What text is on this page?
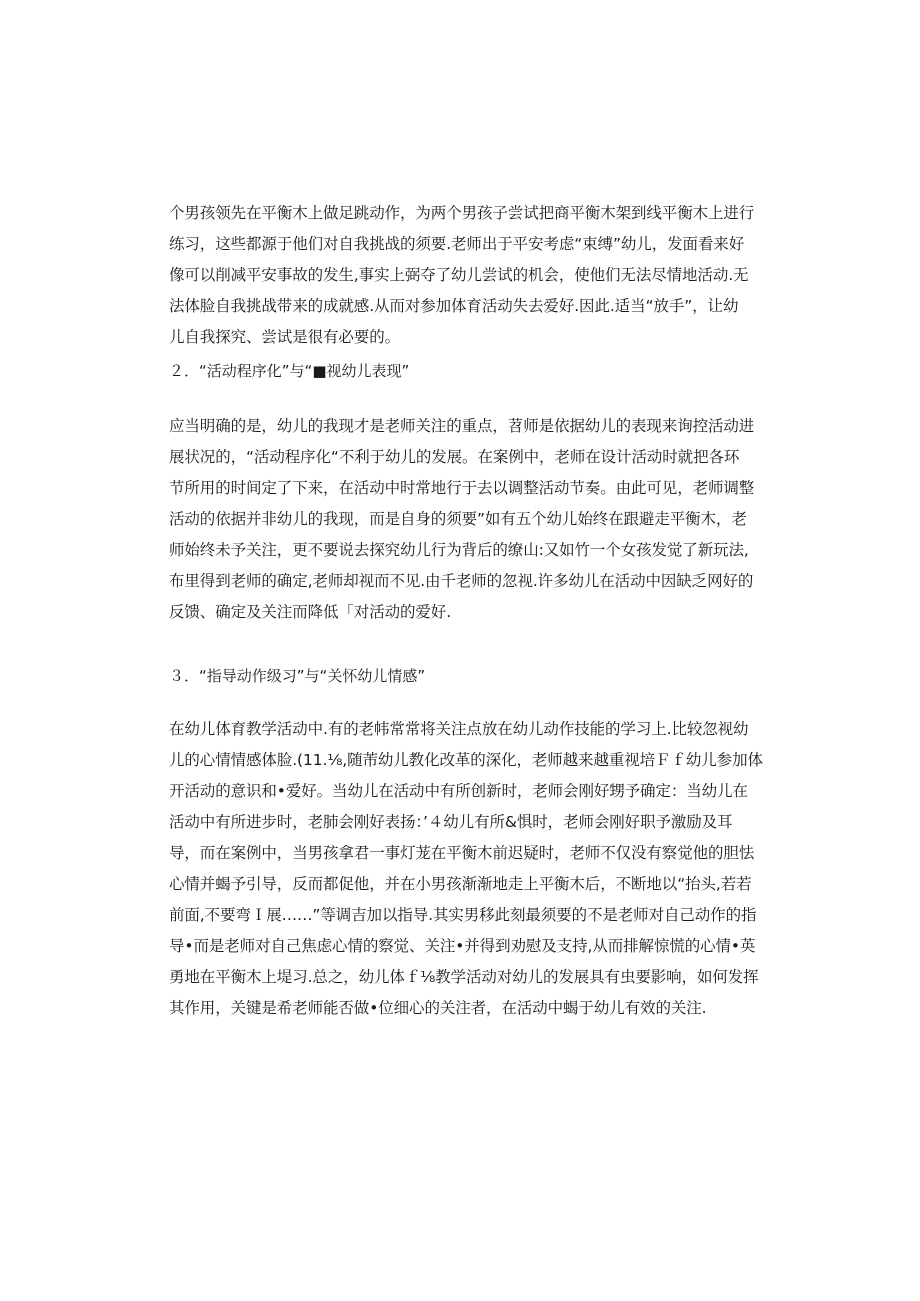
个男孩领先在平衡木上做足跳动作，为两个男孩子尝试把商平衡木架到线平衡木上进行
练习，这些都源于他们对自我挑战的须要.老师出于平安考虑“束缚”幼儿，发面看来好
像可以削减平安事故的发生,事实上弼夺了幼儿尝试的机会，使他们无法尽情地活动.无
法体脸自我挑战带来的成就感.从而对参加体育活动失去爱好.因此.适当“放手”，让幼
儿自我探究、尝试是很有必要的。
２．“活动程序化”与“■视幼儿表现”
应当明确的是，幼儿的我现才是老师关注的重点，苕师是依据幼儿的表现来询控活动进
展状况的，“活动程序化“不利于幼儿的发展。在案例中，老师在设计活动时就把各环
节所用的时间定了下来，在活动中时常地行于去以调整活动节奏。由此可见，老师调整
活动的依据并非幼儿的我现，而是自身的须要”如有五个幼儿始终在跟避走平衡木，老
师始终未予关注，更不要说去探究幼儿行为背后的缭山:又如竹一个女孩发觉了新玩法,
布里得到老师的确定,老师却视而不见.由千老师的忽视.许多幼儿在活动中因缺乏网好的
反馈、确定及关注而降低「对活动的爱好.
３．“指导动作级习”与“关怀幼儿情感”
在幼儿体育教学活动中.有的老帏常常将关注点放在幼儿动作技能的学习上.比较忽视幼
儿的心情情感体脸.(11.⅛,随芾幼儿教化改革的深化，老师越来越重视培Ｆｆ幼儿参加体
开活动的意识和•爱好。当幼儿在活动中有所创新时，老师会刚好甥予确定：当幼儿在
活动中有所进步时，老肺会刚好表扬：’４幼儿有所&惧时，老师会刚好职予激励及耳
导，而在案例中，当男孩拿君一事灯茏在平衡木前迟疑时，老师不仅没有察觉他的胆怯
心情并蝎予引导，反而都促他，并在小男孩渐渐地走上平衡木后，不断地以“抬头,若若
前面,不要弯Ｉ展……”等调吉加以指导.其实男移此刻最须要的不是老师对自己动作的指
导•而是老师对自己焦虑心情的察觉、关注•并得到劝慰及支持,从而排解惊慌的心情•英
勇地在平衡木上堤习.总之，幼儿体ｆ⅛教学活动对幼儿的发展具有虫要影响，如何发挥
其作用，关键是希老师能否做•位细心的关注者，在活动中蝎于幼儿有效的关注.
